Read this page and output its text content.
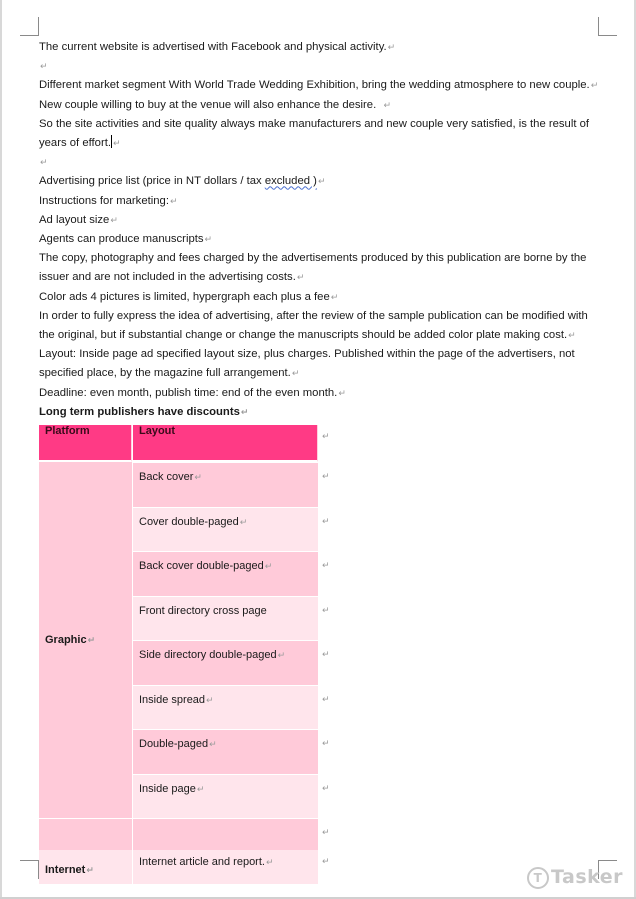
The current website is advertised with Facebook and physical activity.↵
↵
Different market segment With World Trade Wedding Exhibition, bring the wedding atmosphere to new couple.↵
New couple willing to buy at the venue will also enhance the desire.  ↵
So the site activities and site quality always make manufacturers and new couple very satisfied, is the result of years of effort. ↵
↵
Advertising price list (price in NT dollars / tax excluded )↵
Instructions for marketing:↵
Ad layout size↵
Agents can produce manuscripts↵
The copy, photography and fees charged by the advertisements produced by this publication are borne by the issuer and are not included in the advertising costs.↵
Color ads 4 pictures is limited, hypergraph each plus a fee↵
In order to fully express the idea of advertising, after the review of the sample publication can be modified with the original, but if substantial change or change the manuscripts should be added color plate making cost.↵
Layout: Inside page ad specified layout size, plus charges. Published within the page of the advertisers, not specified place, by the magazine full arrangement.↵
Deadline: even month, publish time: end of the even month.↵
Long term publishers have discounts↵
Platform	Layout	↵
Graphic↵	Back cover↵	↵
	Cover double-paged↵	↵
	Back cover double-paged↵	↵
	Front directory cross page	↵
	Side directory double-paged↵	↵
	Inside spread↵	↵
	Double-paged↵	↵
	Inside page↵	↵
		↵
Internet↵	Internet article and report.↵	↵
T Tasker
